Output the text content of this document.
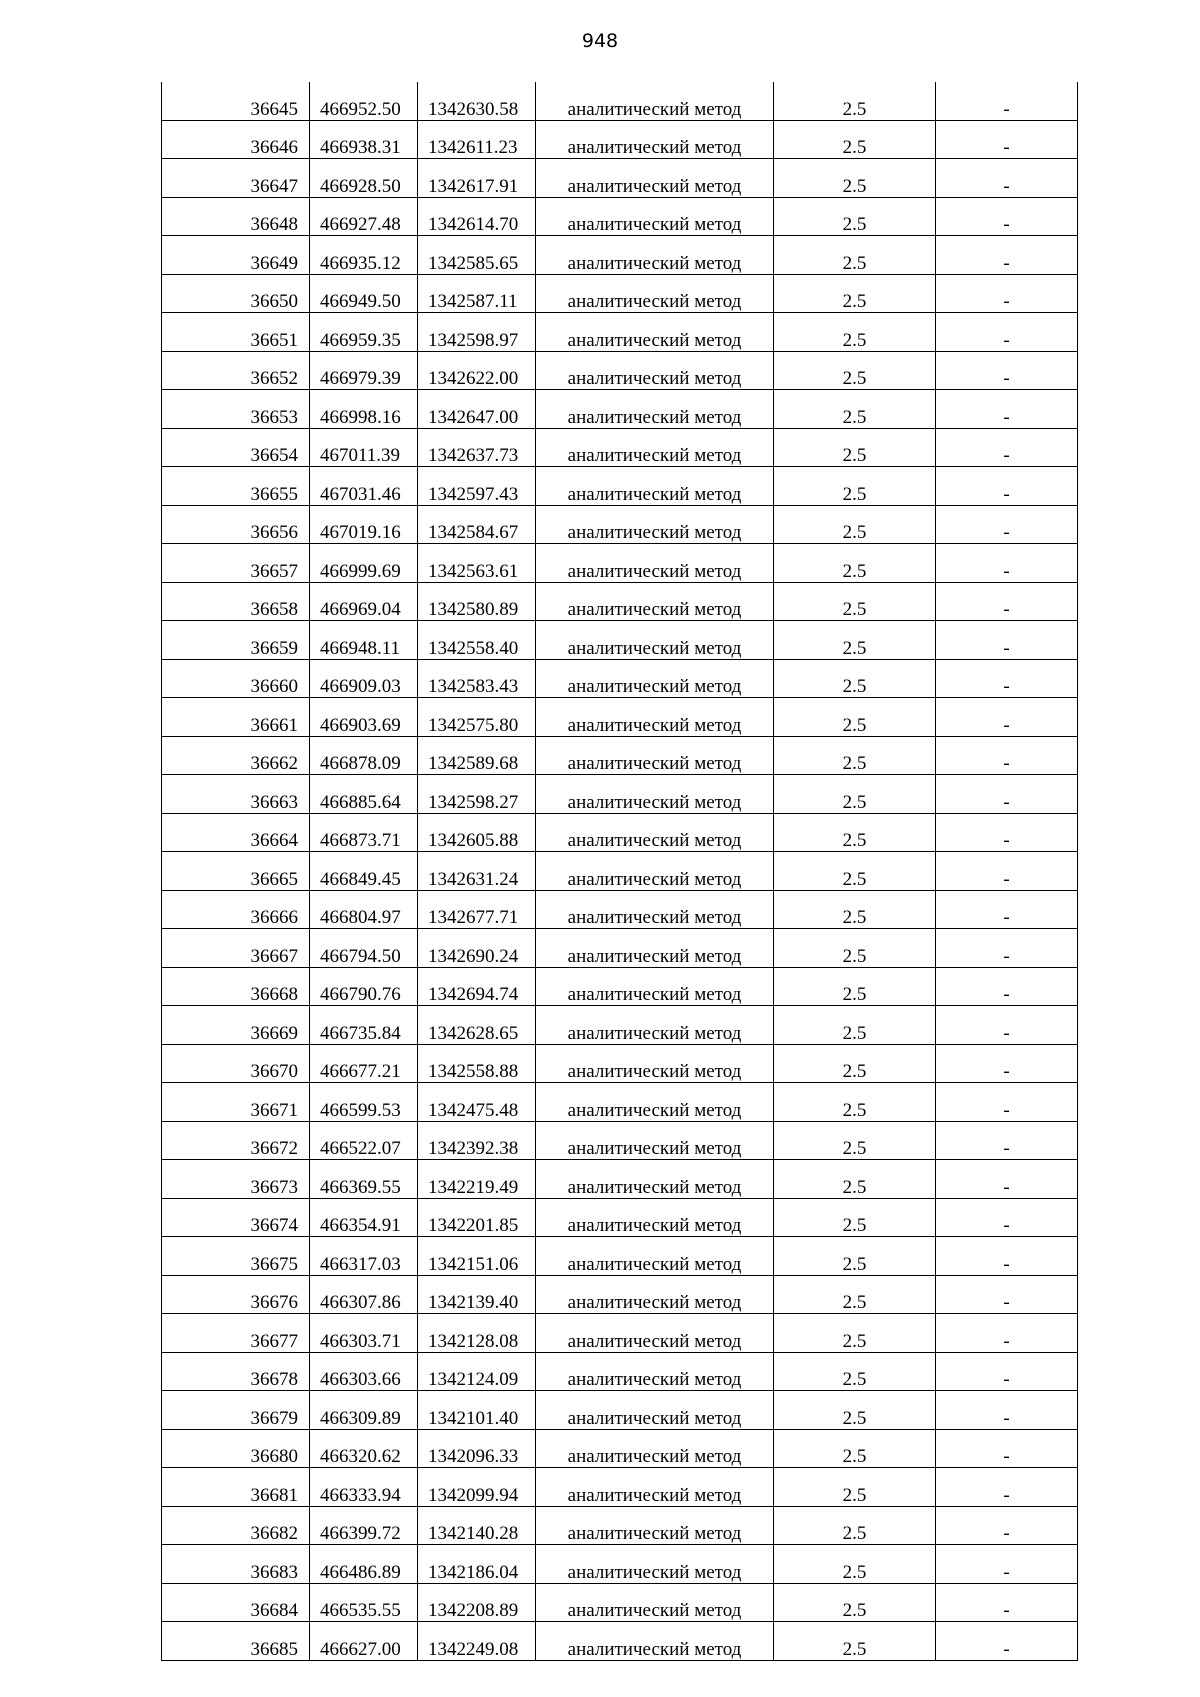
948
36645	466952.50	1342630.58	аналитический метод	2.5	-
36646	466938.31	1342611.23	аналитический метод	2.5	-
36647	466928.50	1342617.91	аналитический метод	2.5	-
36648	466927.48	1342614.70	аналитический метод	2.5	-
36649	466935.12	1342585.65	аналитический метод	2.5	-
36650	466949.50	1342587.11	аналитический метод	2.5	-
36651	466959.35	1342598.97	аналитический метод	2.5	-
36652	466979.39	1342622.00	аналитический метод	2.5	-
36653	466998.16	1342647.00	аналитический метод	2.5	-
36654	467011.39	1342637.73	аналитический метод	2.5	-
36655	467031.46	1342597.43	аналитический метод	2.5	-
36656	467019.16	1342584.67	аналитический метод	2.5	-
36657	466999.69	1342563.61	аналитический метод	2.5	-
36658	466969.04	1342580.89	аналитический метод	2.5	-
36659	466948.11	1342558.40	аналитический метод	2.5	-
36660	466909.03	1342583.43	аналитический метод	2.5	-
36661	466903.69	1342575.80	аналитический метод	2.5	-
36662	466878.09	1342589.68	аналитический метод	2.5	-
36663	466885.64	1342598.27	аналитический метод	2.5	-
36664	466873.71	1342605.88	аналитический метод	2.5	-
36665	466849.45	1342631.24	аналитический метод	2.5	-
36666	466804.97	1342677.71	аналитический метод	2.5	-
36667	466794.50	1342690.24	аналитический метод	2.5	-
36668	466790.76	1342694.74	аналитический метод	2.5	-
36669	466735.84	1342628.65	аналитический метод	2.5	-
36670	466677.21	1342558.88	аналитический метод	2.5	-
36671	466599.53	1342475.48	аналитический метод	2.5	-
36672	466522.07	1342392.38	аналитический метод	2.5	-
36673	466369.55	1342219.49	аналитический метод	2.5	-
36674	466354.91	1342201.85	аналитический метод	2.5	-
36675	466317.03	1342151.06	аналитический метод	2.5	-
36676	466307.86	1342139.40	аналитический метод	2.5	-
36677	466303.71	1342128.08	аналитический метод	2.5	-
36678	466303.66	1342124.09	аналитический метод	2.5	-
36679	466309.89	1342101.40	аналитический метод	2.5	-
36680	466320.62	1342096.33	аналитический метод	2.5	-
36681	466333.94	1342099.94	аналитический метод	2.5	-
36682	466399.72	1342140.28	аналитический метод	2.5	-
36683	466486.89	1342186.04	аналитический метод	2.5	-
36684	466535.55	1342208.89	аналитический метод	2.5	-
36685	466627.00	1342249.08	аналитический метод	2.5	-
